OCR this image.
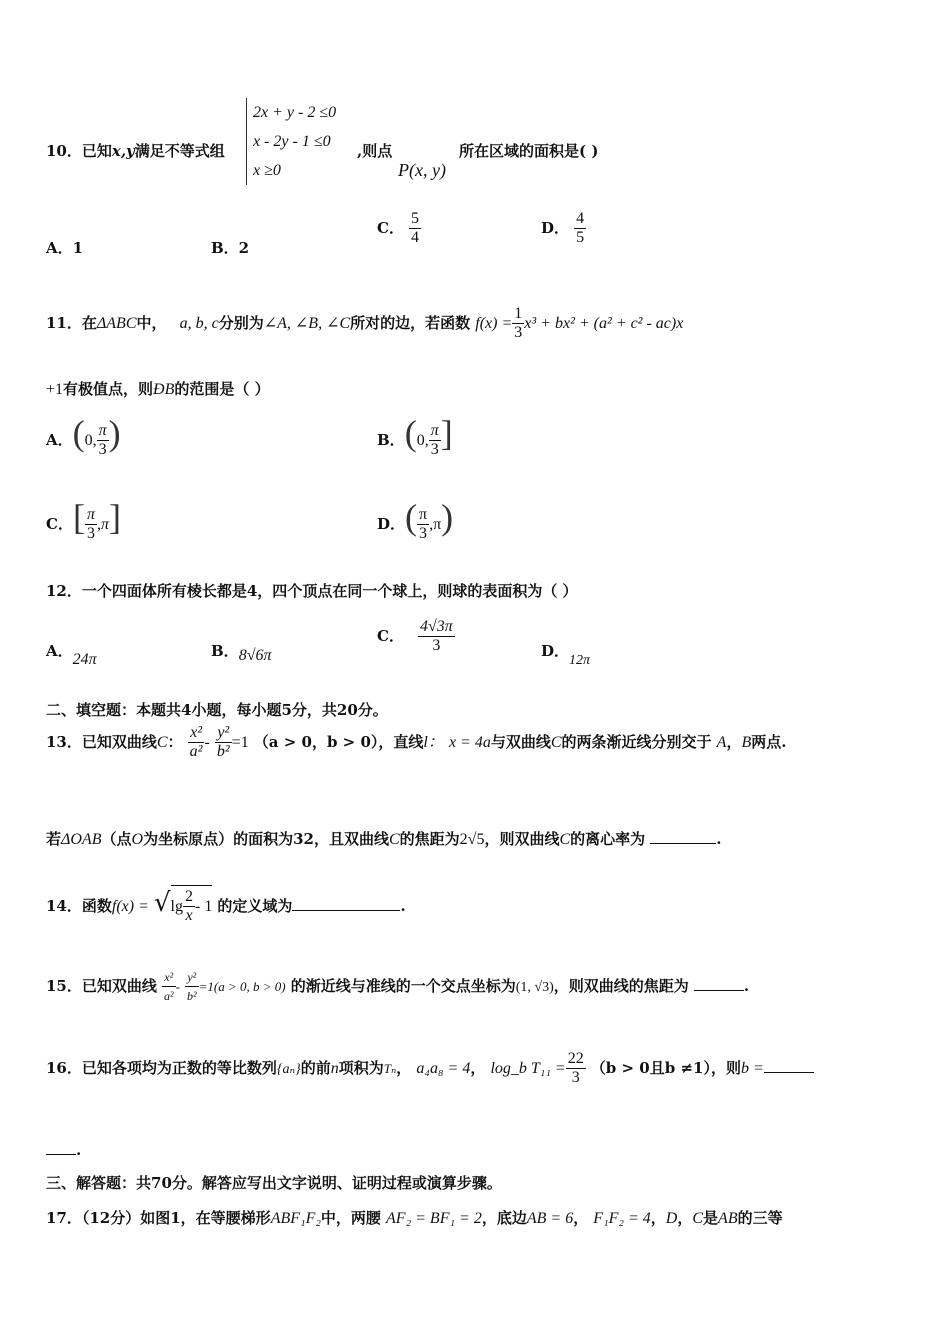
10．已知x,y满足不等式组
2x + y - 2 ≤0
x - 2y - 1 ≤0
x ≥0
,则点
P(x, y)
所在区域的面积是( )
A．1	B．2
C． $\frac{5}{4}$	D． $\frac{4}{5}$
11．在ΔABC中， a, b, c分别为∠A, ∠B, ∠C所对的边，若函数 $f(x) = \frac{1}{3} x^3 + bx^2 + (a^2 + c^2 - ac)x$
+1有极值点，则ÐB的范围是（ ）
A．(0, $\frac{\pi}{3}$ )	B．(0, $\frac{\pi}{3}$ ]
C．[ $\frac{\pi}{3} ,\pi$]	D．( $\frac{\pi}{3} ,\pi$)
12．一个四面体所有棱长都是4，四个顶点在同一个球上，则球的表面积为（ ）
A．24π	B．8√6π
C． $\frac{4√3\pi}{3}$	D．12π
二、填空题：本题共4小题，每小题5分，共20分。
13．已知双曲线C： $\frac{\text{x²}}{\text{a²}} - \frac{\text{y²}}{\text{b²}} =1$ （a > 0，b > 0），直线l： x = 4a与双曲线C的两条渐近线分别交于 A，B两点.
若ΔOAB（点O为坐标原点）的面积为32，且双曲线C的焦距为2√5，则双曲线C的离心率为	.
14．函数$f(x) = √\lg \frac{2}{x} - 1$ 的定义域为	.
15．已知双曲线 $\frac{\text{x²}}{\text{a²}} - \frac{\text{y²}}{\text{b²}} =1(a > 0$, b > 0) 的渐近线与准线的一个交点坐标为(1, √3)，则双曲线的焦距为	.
16．已知各项均为正数的等比数列{aₙ}的前n项积为Tₙ， a₄a₈ = 4， log_b $T_{11} = \frac{22}{3} (b > 0$且b ≠1），则b =
.
三、解答题：共70分。解答应写出文字说明、证明过程或演算步骤。
17．（12分）如图1，在等腰梯形ABF₁F₂中，两腰 AF₂ = BF₁ = 2，底边AB = 6， F₁F₂ = 4，D，C是AB的三等
